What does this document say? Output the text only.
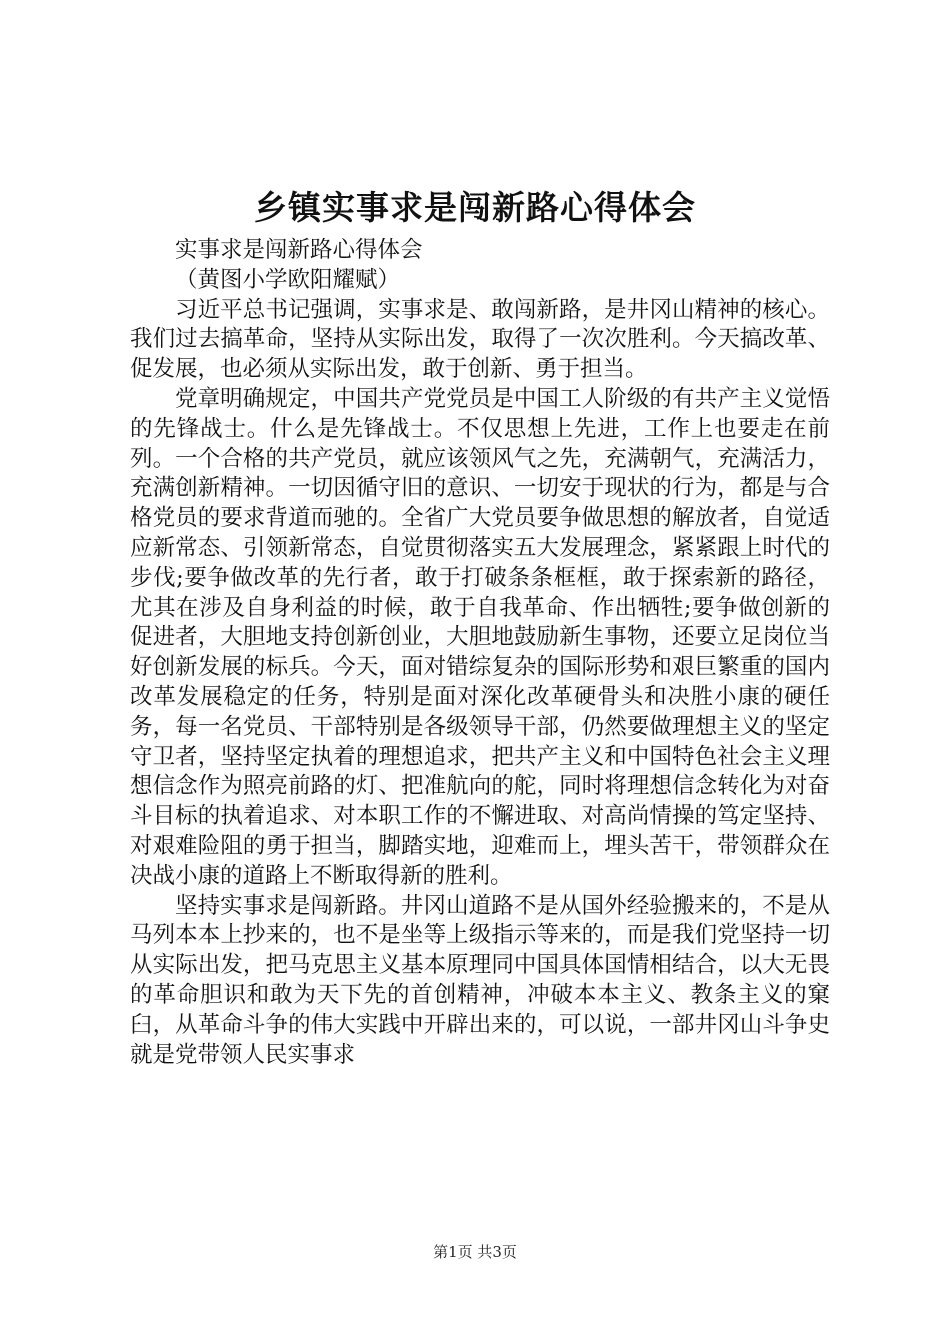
乡镇实事求是闯新路心得体会

实事求是闯新路心得体会

（黄图小学欧阳耀赋）

习近平总书记强调，实事求是、敢闯新路，是井冈山精神的核心。我们过去搞革命，坚持从实际出发，取得了一次次胜利。今天搞改革、促发展，也必须从实际出发，敢于创新、勇于担当。

党章明确规定，中国共产党党员是中国工人阶级的有共产主义觉悟的先锋战士。什么是先锋战士。不仅思想上先进，工作上也要走在前列。一个合格的共产党员，就应该领风气之先，充满朝气，充满活力，充满创新精神。一切因循守旧的意识、一切安于现状的行为，都是与合格党员的要求背道而驰的。全省广大党员要争做思想的解放者，自觉适应新常态、引领新常态，自觉贯彻落实五大发展理念，紧紧跟上时代的步伐;要争做改革的先行者，敢于打破条条框框，敢于探索新的路径，尤其在涉及自身利益的时候，敢于自我革命、作出牺牲;要争做创新的促进者，大胆地支持创新创业，大胆地鼓励新生事物，还要立足岗位当好创新发展的标兵。今天，面对错综复杂的国际形势和艰巨繁重的国内改革发展稳定的任务，特别是面对深化改革硬骨头和决胜小康的硬任务，每一名党员、干部特别是各级领导干部，仍然要做理想主义的坚定守卫者，坚持坚定执着的理想追求，把共产主义和中国特色社会主义理想信念作为照亮前路的灯、把准航向的舵，同时将理想信念转化为对奋斗目标的执着追求、对本职工作的不懈进取、对高尚情操的笃定坚持、对艰难险阻的勇于担当，脚踏实地，迎难而上，埋头苦干，带领群众在决战小康的道路上不断取得新的胜利。

坚持实事求是闯新路。井冈山道路不是从国外经验搬来的，不是从马列本本上抄来的，也不是坐等上级指示等来的，而是我们党坚持一切从实际出发，把马克思主义基本原理同中国具体国情相结合，以大无畏的革命胆识和敢为天下先的首创精神，冲破本本主义、教条主义的窠臼，从革命斗争的伟大实践中开辟出来的，可以说，一部井冈山斗争史就是党带领人民实事求

第1页 共3页
